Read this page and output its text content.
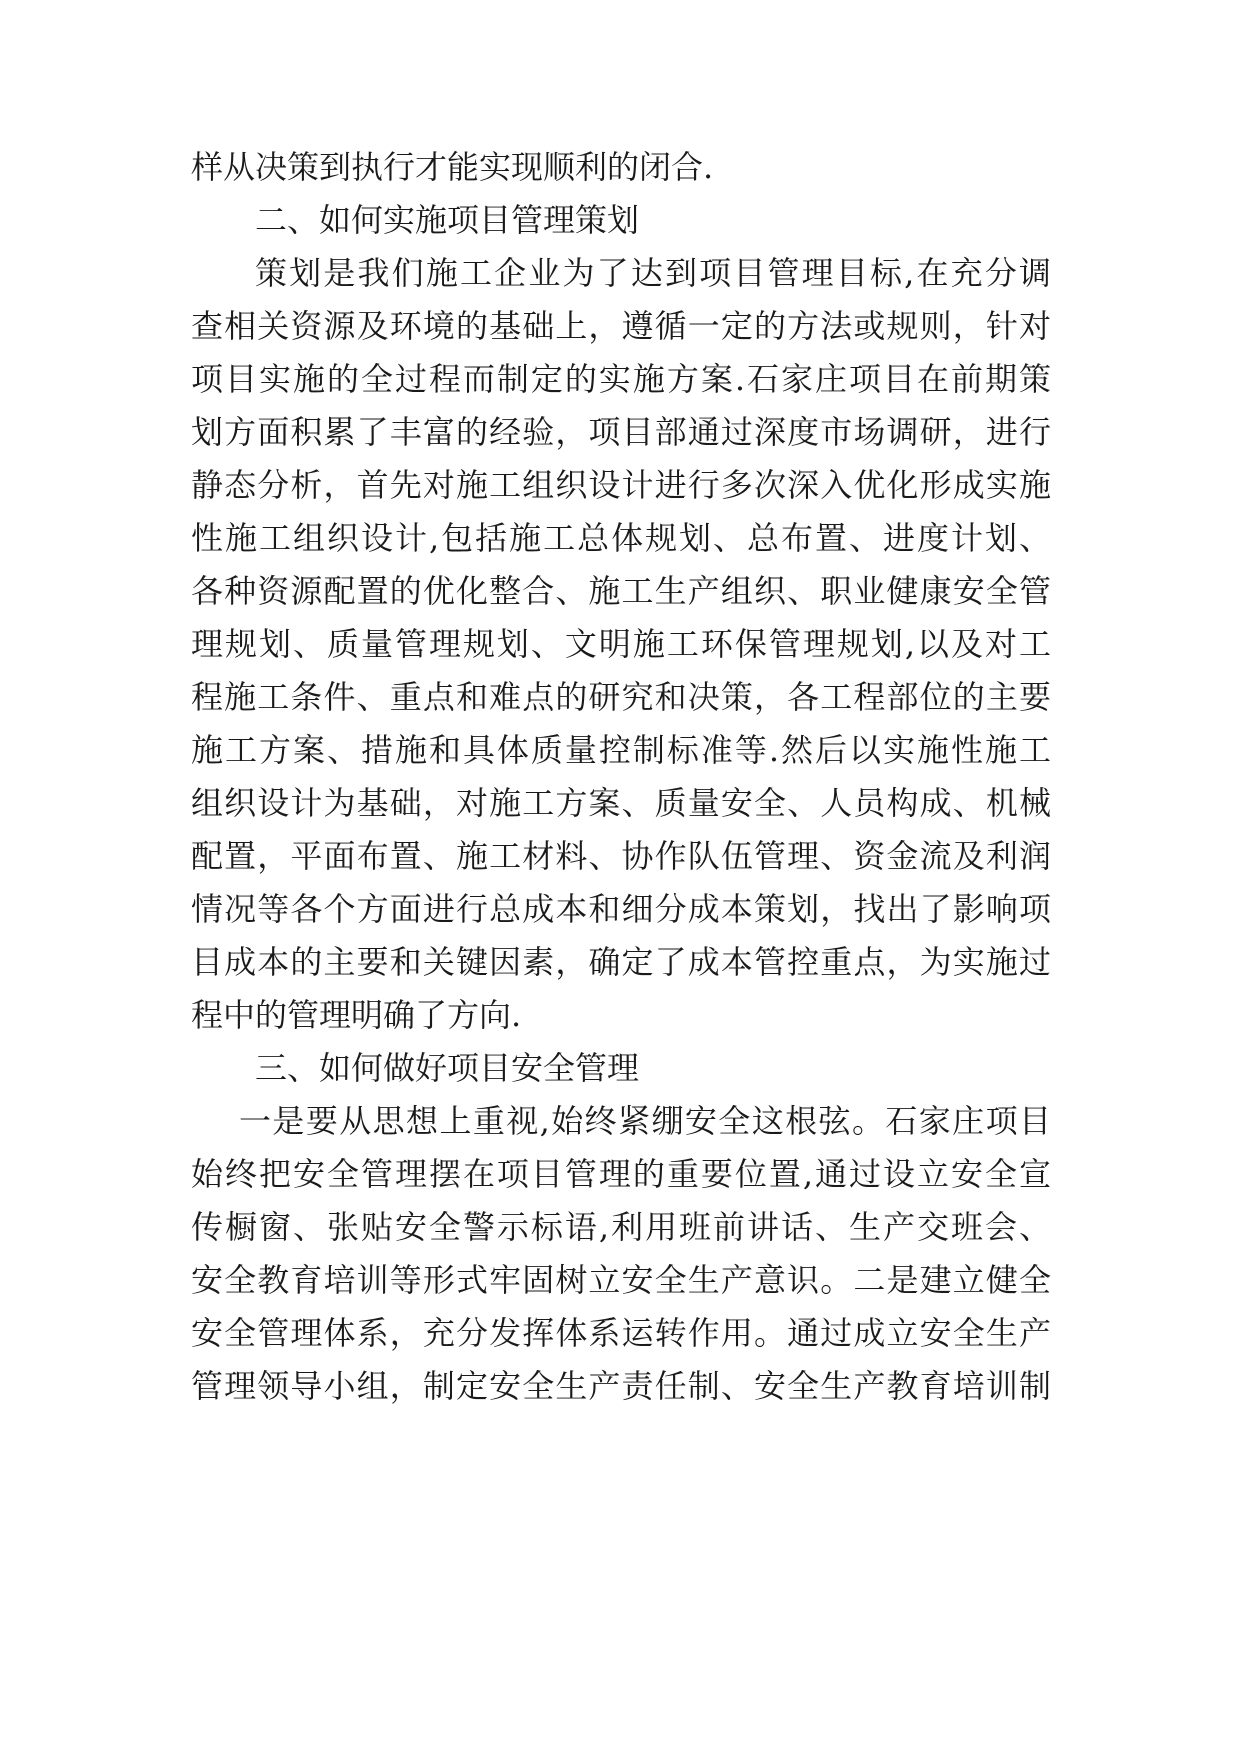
样从决策到执行才能实现顺利的闭合.
二、如何实施项目管理策划
策划是我们施工企业为了达到项目管理目标,在充分调
查相关资源及环境的基础上，遵循一定的方法或规则，针对
项目实施的全过程而制定的实施方案.石家庄项目在前期策
划方面积累了丰富的经验，项目部通过深度市场调研，进行
静态分析，首先对施工组织设计进行多次深入优化形成实施
性施工组织设计,包括施工总体规划、总布置、进度计划、
各种资源配置的优化整合、施工生产组织、职业健康安全管
理规划、质量管理规划、文明施工环保管理规划,以及对工
程施工条件、重点和难点的研究和决策，各工程部位的主要
施工方案、措施和具体质量控制标准等.然后以实施性施工
组织设计为基础，对施工方案、质量安全、人员构成、机械
配置，平面布置、施工材料、协作队伍管理、资金流及利润
情况等各个方面进行总成本和细分成本策划，找出了影响项
目成本的主要和关键因素，确定了成本管控重点，为实施过
程中的管理明确了方向.
三、如何做好项目安全管理
一是要从思想上重视,始终紧绷安全这根弦。石家庄项目
始终把安全管理摆在项目管理的重要位置,通过设立安全宣
传橱窗、张贴安全警示标语,利用班前讲话、生产交班会、
安全教育培训等形式牢固树立安全生产意识。二是建立健全
安全管理体系，充分发挥体系运转作用。通过成立安全生产
管理领导小组，制定安全生产责任制、安全生产教育培训制
